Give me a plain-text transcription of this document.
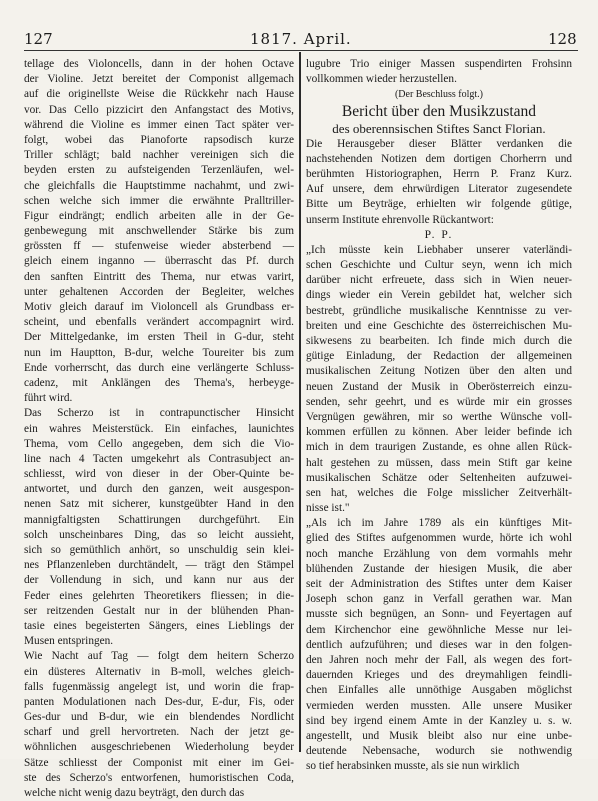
127	1817. April.	128
tellage des Violoncells, dann in der hohen Octave
der Violine. Jetzt bereitet der Componist allgemach
auf die originellste Weise die Rückkehr nach Hause
vor. Das Cello pizzicirt den Anfangstact des Motivs,
während die Violine es immer einen Tact später ver-
folgt, wobei das Pianoforte rapsodisch kurze
Triller schlägt; bald nachher vereinigen sich die
beyden ersten zu aufsteigenden Terzenläufen, wel-
che gleichfalls die Hauptstimme nachahmt, und zwi-
schen welche sich immer die erwähnte Pralltriller-
Figur eindrängt; endlich arbeiten alle in der Ge-
genbewegung mit anschwellender Stärke bis zum
grössten ff — stufenweise wieder absterbend —
gleich einem inganno — überrascht das Pf. durch
den sanften Eintritt des Thema, nur etwas varirt,
unter gehaltenen Accorden der Begleiter, welches
Motiv gleich darauf im Violoncell als Grundbass er-
scheint, und ebenfalls verändert accompagnirt wird.
Der Mittelgedanke, im ersten Theil in G-dur, steht
nun im Hauptton, B-dur, welche Toureiter bis zum
Ende vorherrscht, das durch eine verlängerte Schluss-
cadenz, mit Anklängen des Thema's, herbeyge-
führt wird.
Das Scherzo ist in contrapunctischer Hinsicht
ein wahres Meisterstück. Ein einfaches, launichtes
Thema, vom Cello angegeben, dem sich die Vio-
line nach 4 Tacten umgekehrt als Contrasubject an-
schliesst, wird von dieser in der Ober-Quinte be-
antwortet, und durch den ganzen, weit ausgespon-
nenen Satz mit sicherer, kunstgeübter Hand in den
mannigfaltigsten Schattirungen durchgeführt. Ein
solch unscheinbares Ding, das so leicht aussieht,
sich so gemüthlich anhört, so unschuldig sein klei-
nes Pflanzenleben durchtändelt, — trägt den Stämpel
der Vollendung in sich, und kann nur aus der
Feder eines gelehrten Theoretikers fliessen; in die-
ser reitzenden Gestalt nur in der blühenden Phan-
tasie eines begeisterten Sängers, eines Lieblings der
Musen entspringen.
Wie Nacht auf Tag — folgt dem heitern Scherzo
ein düsteres Alternativ in B-moll, welches gleich-
falls fugenmässig angelegt ist, und worin die frap-
panten Modulationen nach Des-dur, E-dur, Fis, oder
Ges-dur und B-dur, wie ein blendendes Nordlicht
scharf und grell hervortreten. Nach der jetzt ge-
wöhnlichen ausgeschriebenen Wiederholung beyder
Sätze schliesst der Componist mit einer im Gei-
ste des Scherzo's entworfenen, humoristischen Coda,
welche nicht wenig dazu beyträgt, den durch das
lugubre Trio einiger Massen suspendirten Frohsinn
vollkommen wieder herzustellen.

(Der Beschluss folgt.)

Bericht über den Musikzustand

des oberennsischen Stiftes Sanct Florian.

Die Herausgeber dieser Blätter verdanken die
nachstehenden Notizen dem dortigen Chorherrn und
berühmten Historiographen, Herrn P. Franz Kurz.
Auf unsere, dem ehrwürdigen Literator zugesendete
Bitte um Beyträge, erhielten wir folgende gütige,
unserm Institute ehrenvolle Rückantwort:

P. P.

„Ich müsste kein Liebhaber unserer vaterländi-
schen Geschichte und Cultur seyn, wenn ich mich
darüber nicht erfreuete, dass sich in Wien neuer-
dings wieder ein Verein gebildet hat, welcher sich
bestrebt, gründliche musikalische Kenntnisse zu ver-
breiten und eine Geschichte des österreichischen Mu-
sikwesens zu bearbeiten. Ich finde mich durch die
gütige Einladung, der Redaction der allgemeinen
musikalischen Zeitung Notizen über den alten und
neuen Zustand der Musik in Oberösterreich einzu-
senden, sehr geehrt, und es würde mir ein grosses
Vergnügen gewähren, mir so werthe Wünsche voll-
kommen erfüllen zu können. Aber leider befinde ich
mich in dem traurigen Zustande, es ohne allen Rück-
halt gestehen zu müssen, dass mein Stift gar keine
musikalischen Schätze oder Seltenheiten aufzuwei-
sen hat, welches die Folge misslicher Zeitverhält-
nisse ist."
„Als ich im Jahre 1789 als ein künftiges Mit-
glied des Stiftes aufgenommen wurde, hörte ich wohl
noch manche Erzählung von dem vormahls mehr
blühenden Zustande der hiesigen Musik, die aber
seit der Administration des Stiftes unter dem Kaiser
Joseph schon ganz in Verfall gerathen war. Man
musste sich begnügen, an Sonn- und Feyertagen auf
dem Kirchenchor eine gewöhnliche Messe nur lei-
dentlich aufzuführen; und dieses war in den folgen-
den Jahren noch mehr der Fall, als wegen des fort-
dauernden Krieges und des dreymahligen feindli-
chen Einfalles alle unnöthige Ausgaben möglichst
vermieden werden mussten. Alle unsere Musiker
sind bey irgend einem Amte in der Kanzley u. s. w.
angestellt, und Musik bleibt also nur eine unbe-
deutende Nebensache, wodurch sie nothwendig
so tief herabsinken musste, als sie nun wirklich
